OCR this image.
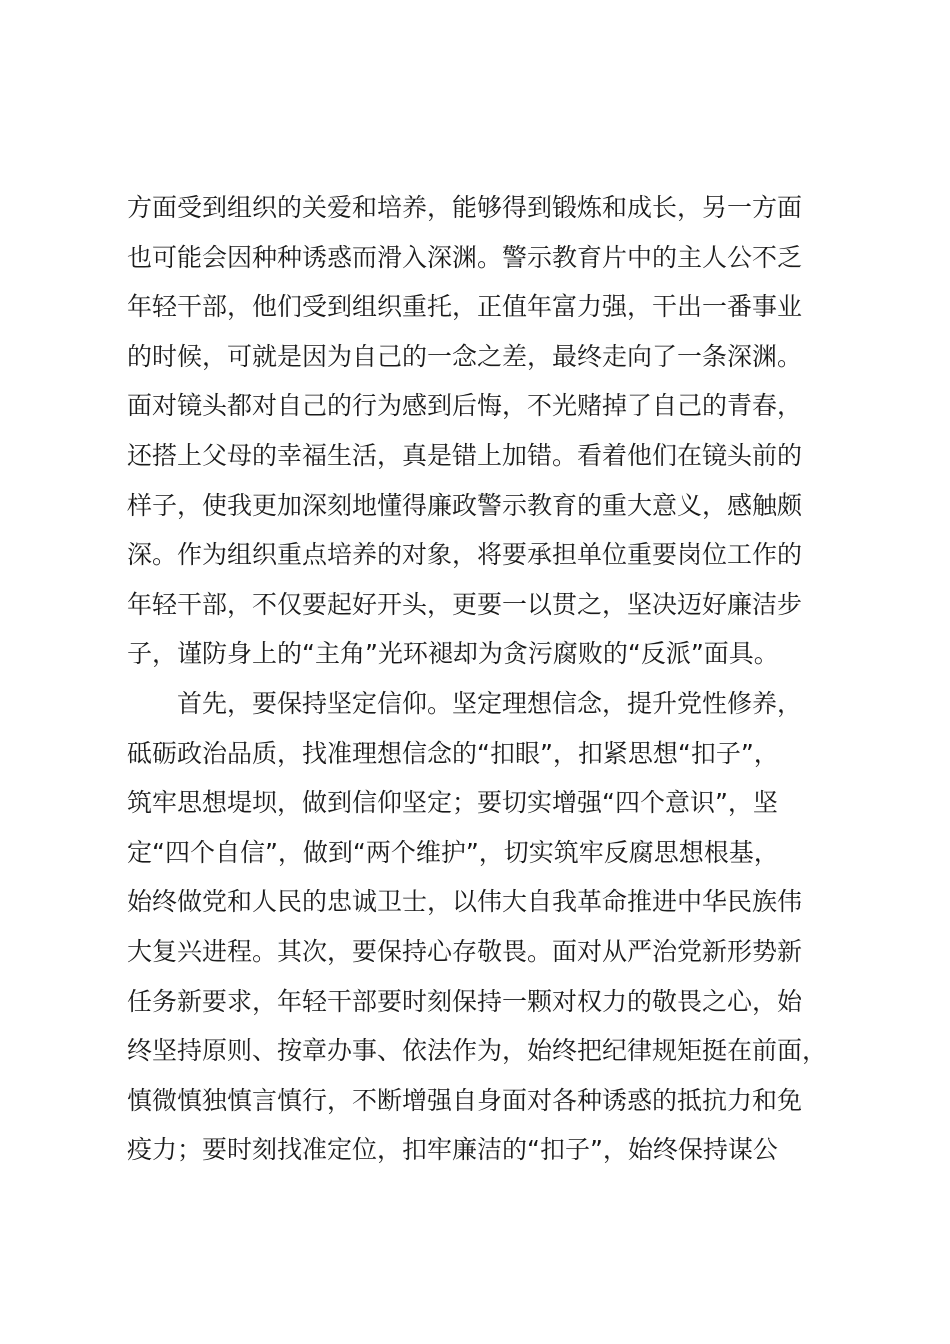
方面受到组织的关爱和培养，能够得到锻炼和成长，另一方面
也可能会因种种诱惑而滑入深渊。警示教育片中的主人公不乏
年轻干部，他们受到组织重托，正值年富力强，干出一番事业
的时候，可就是因为自己的一念之差，最终走向了一条深渊。
面对镜头都对自己的行为感到后悔，不光赌掉了自己的青春，
还搭上父母的幸福生活，真是错上加错。看着他们在镜头前的
样子，使我更加深刻地懂得廉政警示教育的重大意义，感触颇
深。作为组织重点培养的对象，将要承担单位重要岗位工作的
年轻干部，不仅要起好开头，更要一以贯之，坚决迈好廉洁步
子，谨防身上的“主角”光环褪却为贪污腐败的“反派”面具。
首先，要保持坚定信仰。坚定理想信念，提升党性修养，
砥砺政治品质，找准理想信念的“扣眼”，扣紧思想“扣子”，
筑牢思想堤坝，做到信仰坚定；要切实增强“四个意识”，坚
定“四个自信”，做到“两个维护”，切实筑牢反腐思想根基，
始终做党和人民的忠诚卫士，以伟大自我革命推进中华民族伟
大复兴进程。其次，要保持心存敬畏。面对从严治党新形势新
任务新要求，年轻干部要时刻保持一颗对权力的敬畏之心，始
终坚持原则、按章办事、依法作为，始终把纪律规矩挺在前面，
慎微慎独慎言慎行，不断增强自身面对各种诱惑的抵抗力和免
疫力；要时刻找准定位，扣牢廉洁的“扣子”，始终保持谋公
